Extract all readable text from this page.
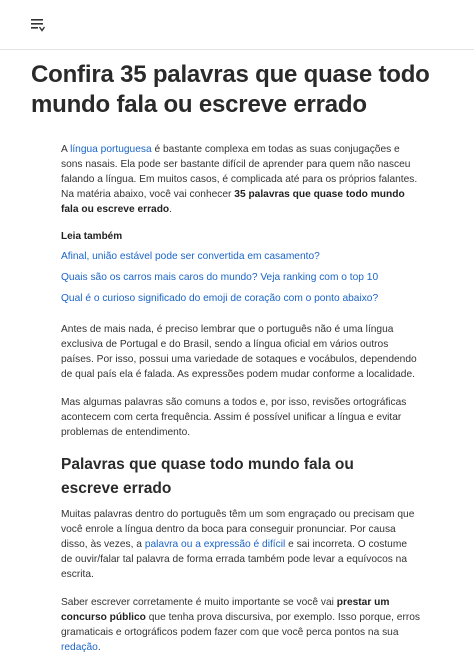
Confira 35 palavras que quase todo mundo fala ou escreve errado

A língua portuguesa é bastante complexa em todas as suas conjugações e sons nasais. Ela pode ser bastante difícil de aprender para quem não nasceu falando a língua. Em muitos casos, é complicada até para os próprios falantes. Na matéria abaixo, você vai conhecer 35 palavras que quase todo mundo fala ou escreve errado.

Leia também
Afinal, união estável pode ser convertida em casamento?
Quais são os carros mais caros do mundo? Veja ranking com o top 10
Qual é o curioso significado do emoji de coração com o ponto abaixo?

Antes de mais nada, é preciso lembrar que o português não é uma língua exclusiva de Portugal e do Brasil, sendo a língua oficial em vários outros países. Por isso, possui uma variedade de sotaques e vocábulos, dependendo de qual país ela é falada. As expressões podem mudar conforme a localidade.

Mas algumas palavras são comuns a todos e, por isso, revisões ortográficas acontecem com certa frequência. Assim é possível unificar a língua e evitar problemas de entendimento.

Palavras que quase todo mundo fala ou escreve errado

Muitas palavras dentro do português têm um som engraçado ou precisam que você enrole a língua dentro da boca para conseguir pronunciar. Por causa disso, às vezes, a palavra ou a expressão é difícil e sai incorreta. O costume de ouvir/falar tal palavra de forma errada também pode levar a equívocos na escrita.

Saber escrever corretamente é muito importante se você vai prestar um concurso público que tenha prova discursiva, por exemplo. Isso porque, erros gramaticais e ortográficos podem fazer com que você perca pontos na sua redação.
